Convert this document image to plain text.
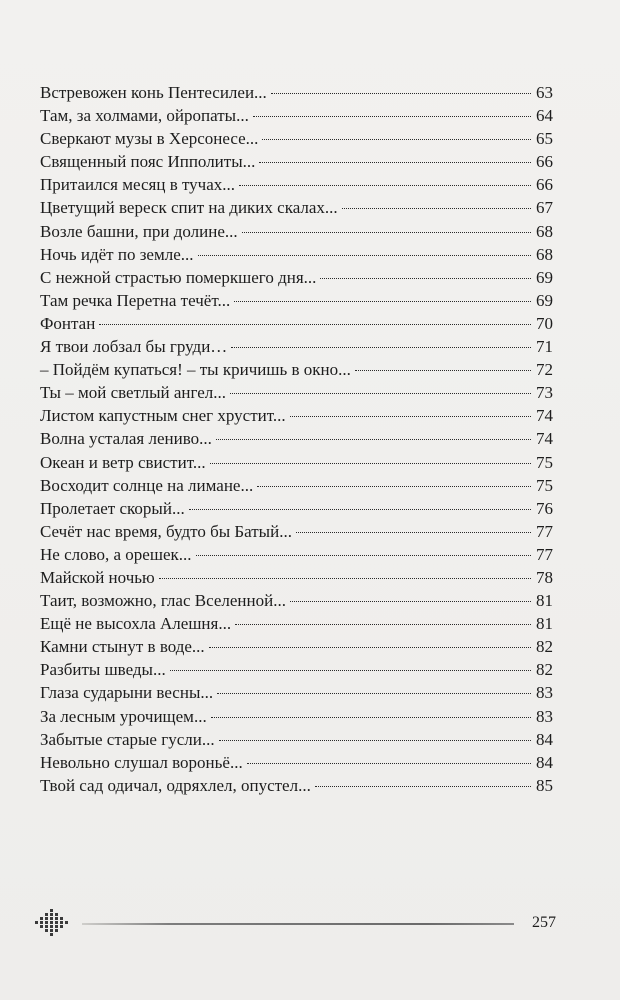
Встревожен конь Пентесилеи...	63
Там, за холмами, ойропаты...	64
Сверкают музы в Херсонесе...	65
Священный пояс Ипполиты...	66
Притаился месяц в тучах...	66
Цветущий вереск спит на диких скалах...	67
Возле башни, при долине...	68
Ночь идёт по земле...	68
С нежной страстью померкшего дня...	69
Там речка Перетна течёт...	69
Фонтан	70
Я твои лобзал бы груди…	71
– Пойдём купаться! – ты кричишь в окно...	72
Ты – мой светлый ангел...	73
Листом капустным снег хрустит...	74
Волна усталая лениво...	74
Океан и ветр свистит...	75
Восходит солнце на лимане...	75
Пролетает скорый...	76
Сечёт нас время, будто бы Батый...	77
Не слово, а орешек...	77
Майской ночью	78
Таит, возможно, глас Вселенной...	81
Ещё не высохла Алешня...	81
Камни стынут в воде...	82
Разбиты шведы...	82
Глаза сударыни весны...	83
За лесным урочищем...	83
Забытые старые гусли...	84
Невольно слушал вороньё...	84
Твой сад одичал, одряхлел, опустел...	85
257
